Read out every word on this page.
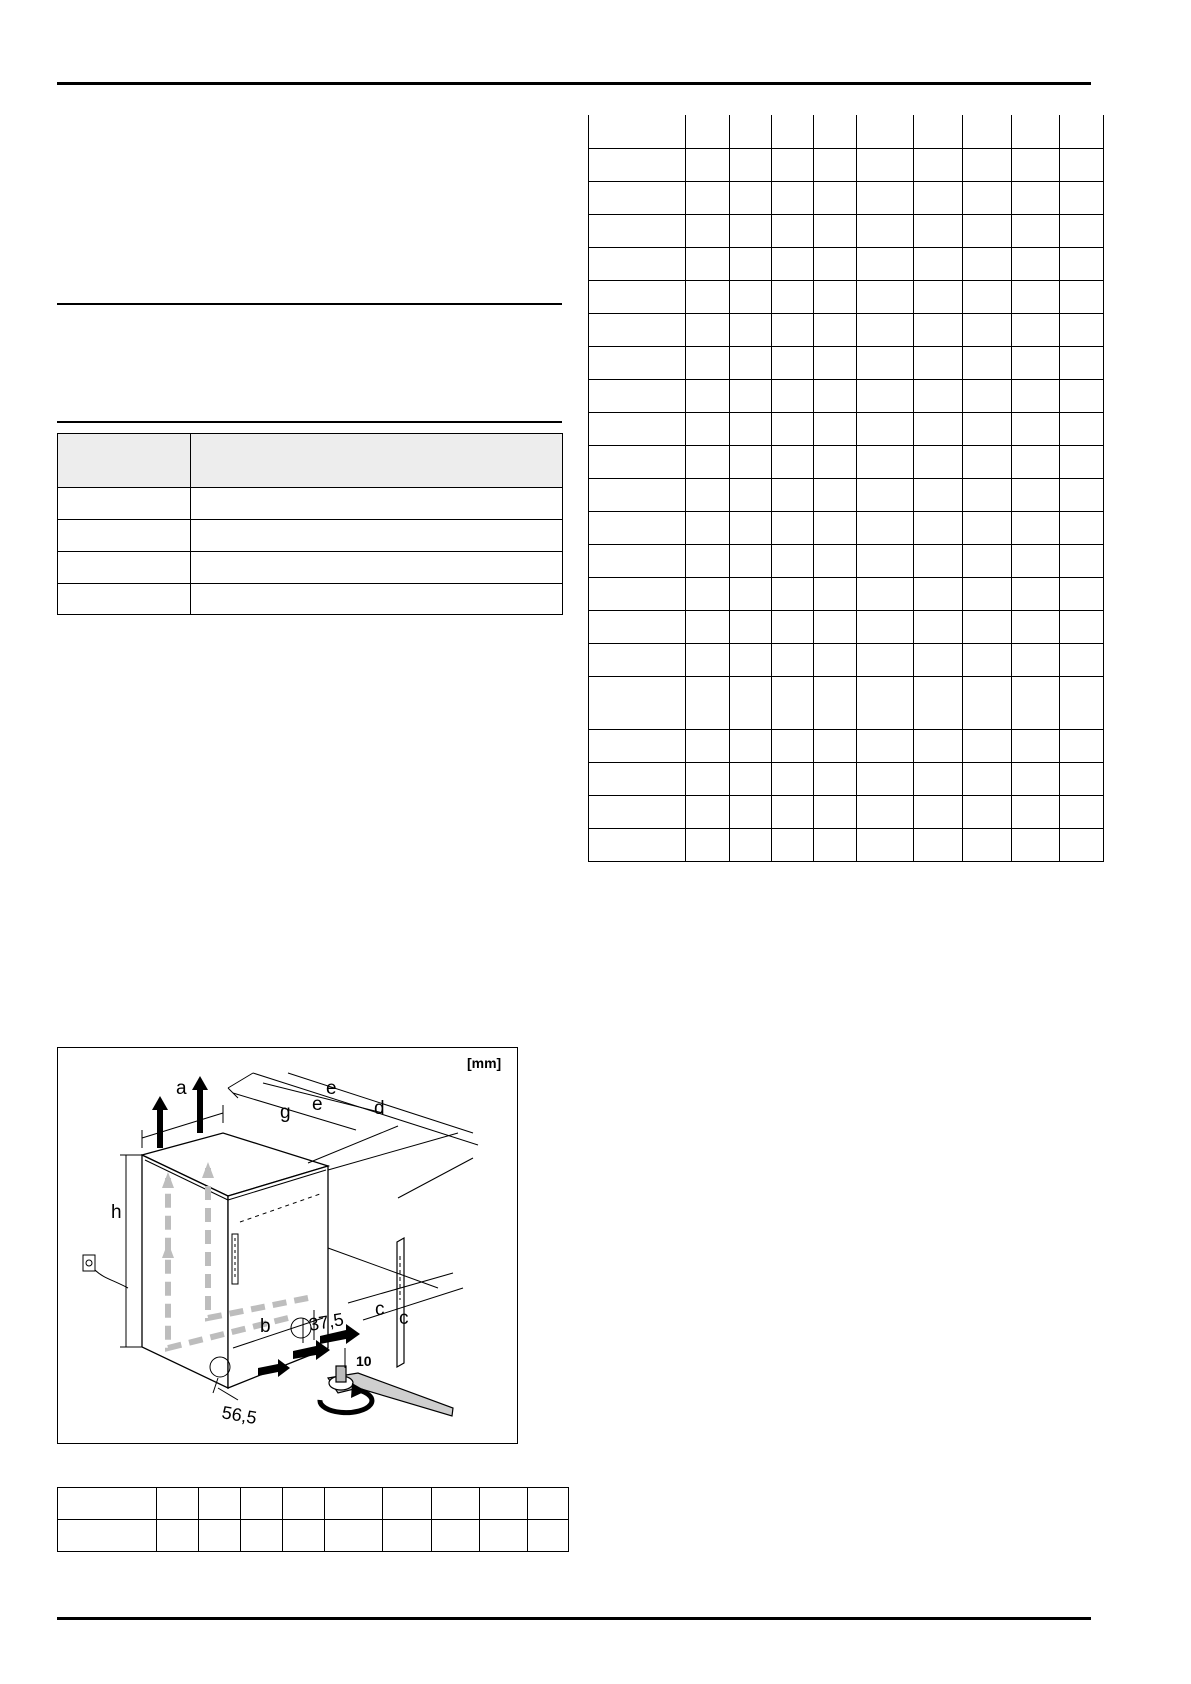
[mm]
a
g e
e
d
h
b
c c
37,5
56,5
10
